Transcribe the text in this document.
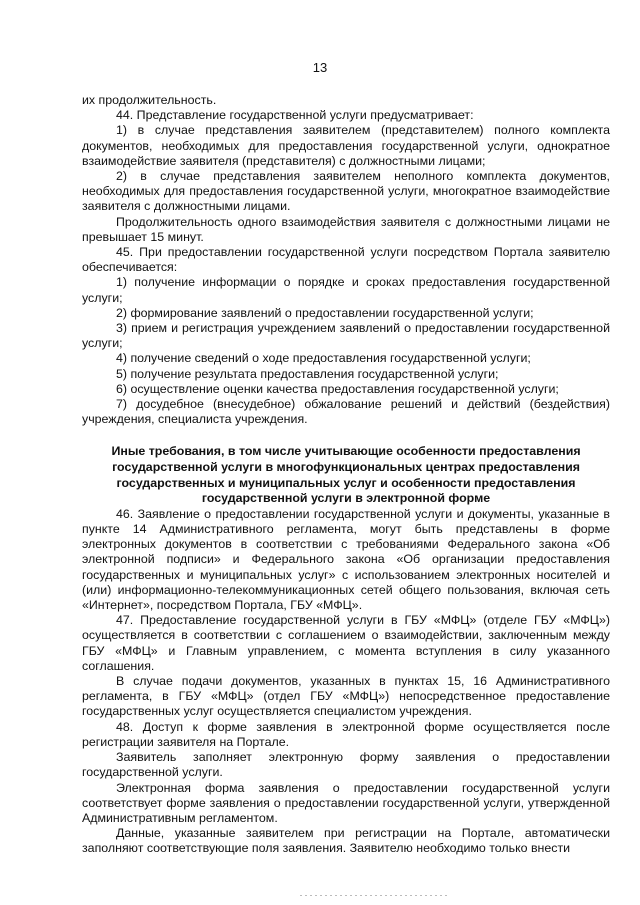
13

их продолжительность.

44. Представление государственной услуги предусматривает:

1) в случае представления заявителем (представителем) полного комплекта документов, необходимых для предоставления государственной услуги, однократное взаимодействие заявителя (представителя) с должностными лицами;

2) в случае представления заявителем неполного комплекта документов, необходимых для предоставления государственной услуги, многократное взаимодействие заявителя с должностными лицами.

Продолжительность одного взаимодействия заявителя с должностными лицами не превышает 15 минут.

45. При предоставлении государственной услуги посредством Портала заявителю обеспечивается:

1) получение информации о порядке и сроках предоставления государственной услуги;

2) формирование заявлений о предоставлении государственной услуги;

3) прием и регистрация учреждением заявлений о предоставлении государственной услуги;

4) получение сведений о ходе предоставления государственной услуги;

5) получение результата предоставления государственной услуги;

6) осуществление оценки качества предоставления государственной услуги;

7) досудебное (внесудебное) обжалование решений и действий (бездействия) учреждения, специалиста учреждения.

Иные требования, в том числе учитывающие особенности предоставления государственной услуги в многофункциональных центрах предоставления государственных и муниципальных услуг и особенности предоставления государственной услуги в электронной форме

46. Заявление о предоставлении государственной услуги и документы, указанные в пункте 14 Административного регламента, могут быть представлены в форме электронных документов в соответствии с требованиями Федерального закона «Об электронной подписи» и Федерального закона «Об организации предоставления государственных и муниципальных услуг» с использованием электронных носителей и (или) информационно-телекоммуникационных сетей общего пользования, включая сеть «Интернет», посредством Портала, ГБУ «МФЦ».

47. Предоставление государственной услуги в ГБУ «МФЦ» (отделе ГБУ «МФЦ») осуществляется в соответствии с соглашением о взаимодействии, заключенным между ГБУ «МФЦ» и Главным управлением, с момента вступления в силу указанного соглашения.

В случае подачи документов, указанных в пунктах 15, 16 Административного регламента, в ГБУ «МФЦ» (отдел ГБУ «МФЦ») непосредственное предоставление государственных услуг осуществляется специалистом учреждения.

48. Доступ к форме заявления в электронной форме осуществляется после регистрации заявителя на Портале.

Заявитель заполняет электронную форму заявления о предоставлении государственной услуги.

Электронная форма заявления о предоставлении государственной услуги соответствует форме заявления о предоставлении государственной услуги, утвержденной Административным регламентом.

Данные, указанные заявителем при регистрации на Портале, автоматически заполняют соответствующие поля заявления. Заявителю необходимо только внести
